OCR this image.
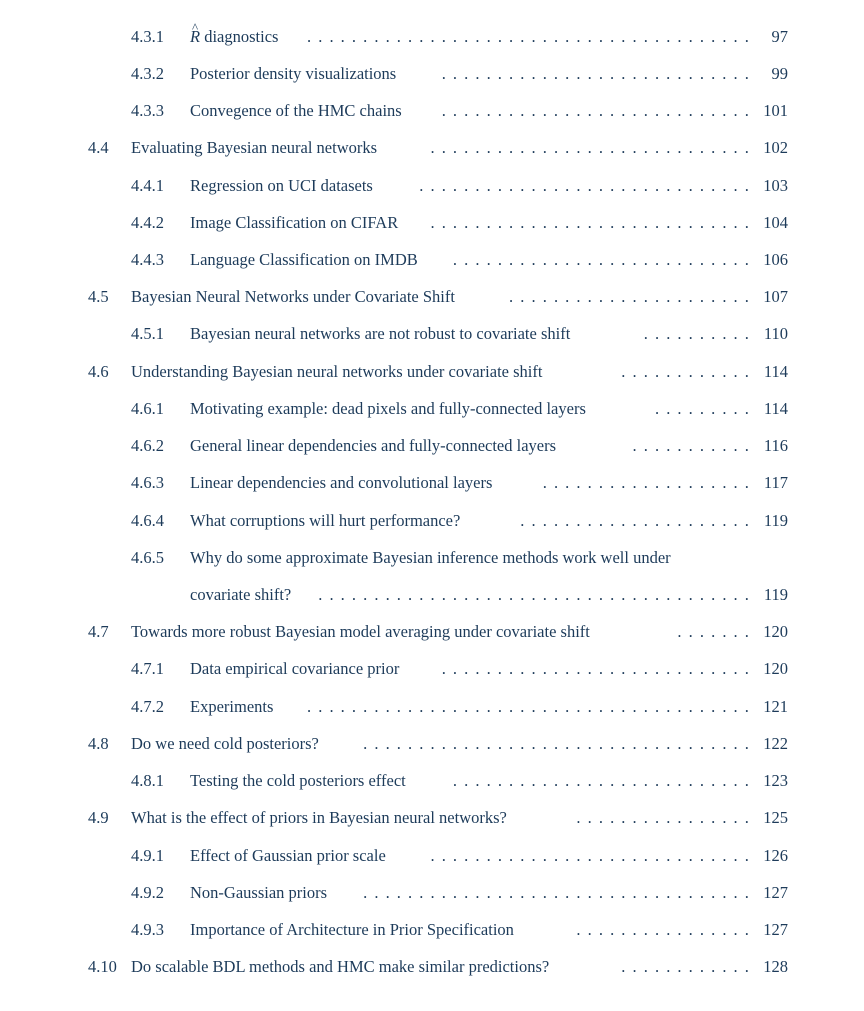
4.3.1 ^ R diagnostics	........................................ 97
4.3.2 Posterior density visualizations	............................ 99
4.3.3 Convegence of the HMC chains ............................ 101
4.4 Evaluating Bayesian neural networks	............................. 102
4.4.1 Regression on UCI datasets	.............................. 103
4.4.2 Image Classification on CIFAR	............................. 104
4.4.3 Language Classification on IMDB ........................... 106
4.5 Bayesian Neural Networks under Covariate Shift	...................... 107
4.5.1 Bayesian neural networks are not robust to covariate shift	.......... 110
4.6 Understanding Bayesian neural networks under covariate shift	............ 114
4.6.1 Motivating example: dead pixels and fully-connected layers	......... 114
4.6.2 General linear dependencies and fully-connected layers	........... 116
4.6.3 Linear dependencies and convolutional layers	................... 117
4.6.4 What corruptions will hurt performance?	..................... 119
4.6.5 Why do some approximate Bayesian inference methods work well under
covariate shift? ....................................... 119
4.7 Towards more robust Bayesian model averaging under covariate shift	....... 120
4.7.1 Data empirical covariance prior	............................ 120
4.7.2 Experiments	........................................ 121
4.8 Do we need cold posteriors?	................................... 122
4.8.1 Testing the cold posteriors effect	........................... 123
4.9 What is the effect of priors in Bayesian neural networks?	................ 125
4.9.1 Effect of Gaussian prior scale	............................. 126
4.9.2 Non-Gaussian priors	................................... 127
4.9.3 Importance of Architecture in Prior Specification	................ 127
4.10 Do scalable BDL methods and HMC make similar predictions?	............ 128
